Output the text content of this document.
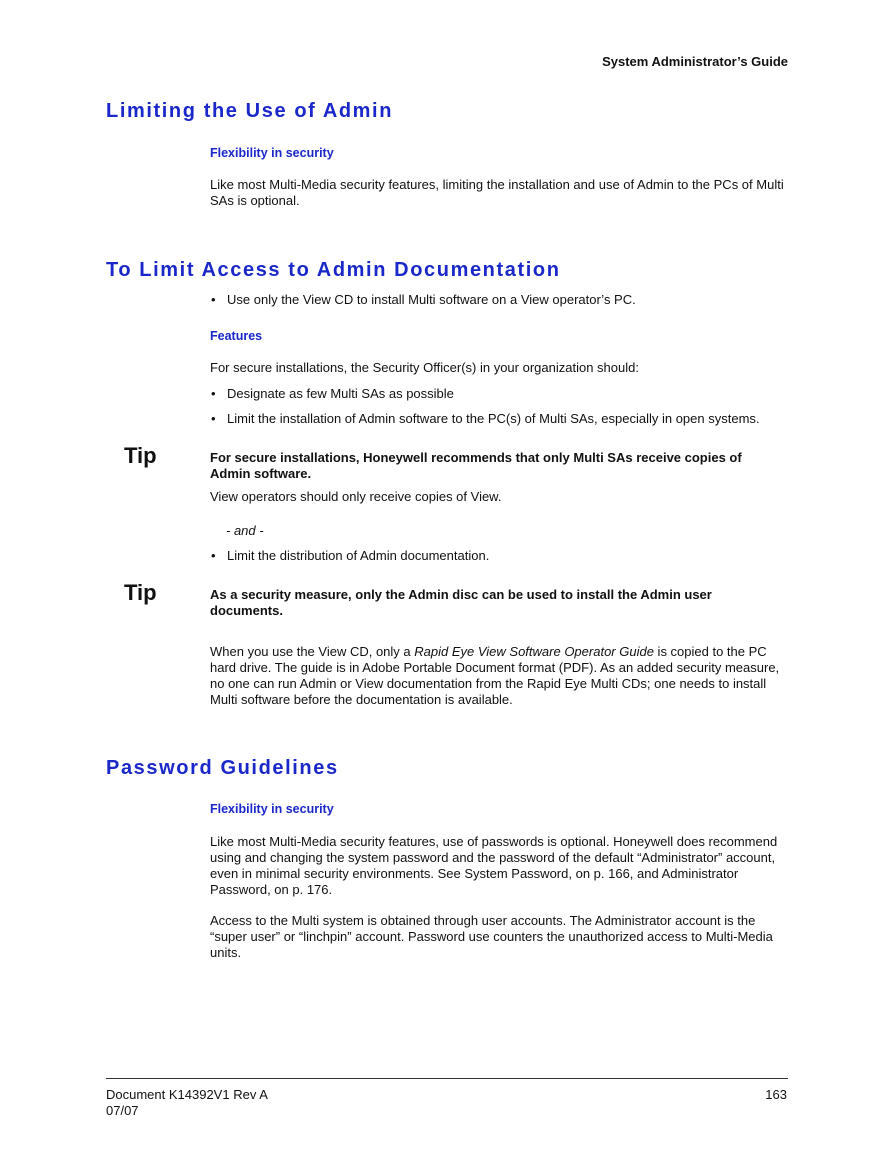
System Administrator’s Guide
Limiting the Use of Admin
Flexibility in security
Like most Multi-Media security features, limiting the installation and use of Admin to the PCs of Multi SAs is optional.
To Limit Access to Admin Documentation
• Use only the View CD to install Multi software on a View operator’s PC.
Features
For secure installations, the Security Officer(s) in your organization should:
• Designate as few Multi SAs as possible
• Limit the installation of Admin software to the PC(s) of Multi SAs, especially in open systems.
Tip	For secure installations, Honeywell recommends that only Multi SAs receive copies of Admin software.
View operators should only receive copies of View.
- and -
• Limit the distribution of Admin documentation.
Tip	As a security measure, only the Admin disc can be used to install the Admin user documents.
When you use the View CD, only a Rapid Eye View Software Operator Guide is copied to the PC hard drive. The guide is in Adobe Portable Document format (PDF). As an added security measure, no one can run Admin or View documentation from the Rapid Eye Multi CDs; one needs to install Multi software before the documentation is available.
Password Guidelines
Flexibility in security
Like most Multi-Media security features, use of passwords is optional. Honeywell does recommend using and changing the system password and the password of the default “Administrator” account, even in minimal security environments. See System Password, on p. 166, and Administrator Password, on p. 176.
Access to the Multi system is obtained through user accounts. The Administrator account is the “super user” or “linchpin” account. Password use counters the unauthorized access to Multi-Media units.
Document K14392V1 Rev A
07/07
163
